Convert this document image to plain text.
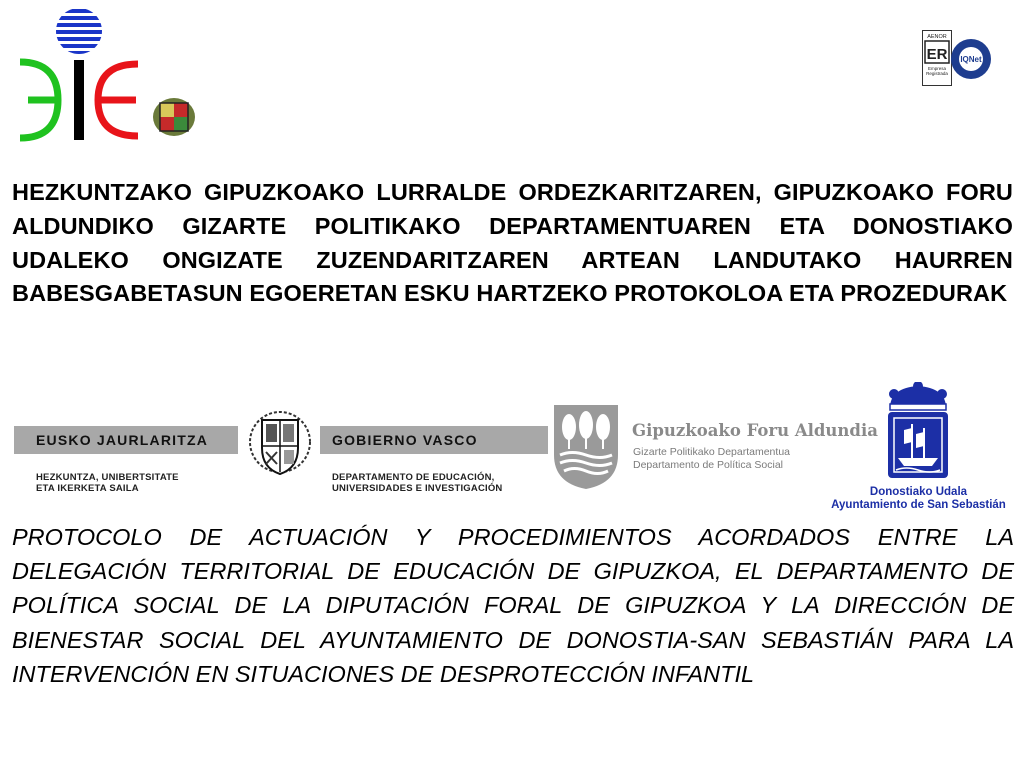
ER
AENOR
Empresa
Registrada
IQNet
HEZKUNTZAKO GIPUZKOAKO LURRALDE ORDEZKARITZAREN, GIPUZKOAKO FORU ALDUNDIKO GIZARTE POLITIKAKO DEPARTAMENTUAREN ETA DONOSTIAKO UDALEKO ONGIZATE ZUZENDARITZAREN ARTEAN LANDUTAKO HAURREN BABESGABETASUN EGOERETAN ESKU HARTZEKO PROTOKOLOA ETA PROZEDURAK
EUSKO JAURLARITZA	GOBIERNO VASCO
HEZKUNTZA, UNIBERTSITATE
ETA IKERKETA SAILA
DEPARTAMENTO DE EDUCACIÓN,
UNIVERSIDADES E INVESTIGACIÓN
Gipuzkoako Foru Aldundia
Gizarte Politikako Departamentua
Departamento de Política Social
Donostiako Udala
Ayuntamiento de San Sebastián
PROTOCOLO DE ACTUACIÓN Y PROCEDIMIENTOS ACORDADOS ENTRE LA DELEGACIÓN TERRITORIAL DE EDUCACIÓN DE GIPUZKOA, EL DEPARTAMENTO DE POLÍTICA SOCIAL DE LA DIPUTACIÓN FORAL DE GIPUZKOA Y LA DIRECCIÓN DE BIENESTAR SOCIAL DEL AYUNTAMIENTO DE DONOSTIA-SAN SEBASTIÁN PARA LA INTERVENCIÓN EN SITUACIONES DE DESPROTECCIÓN INFANTIL
